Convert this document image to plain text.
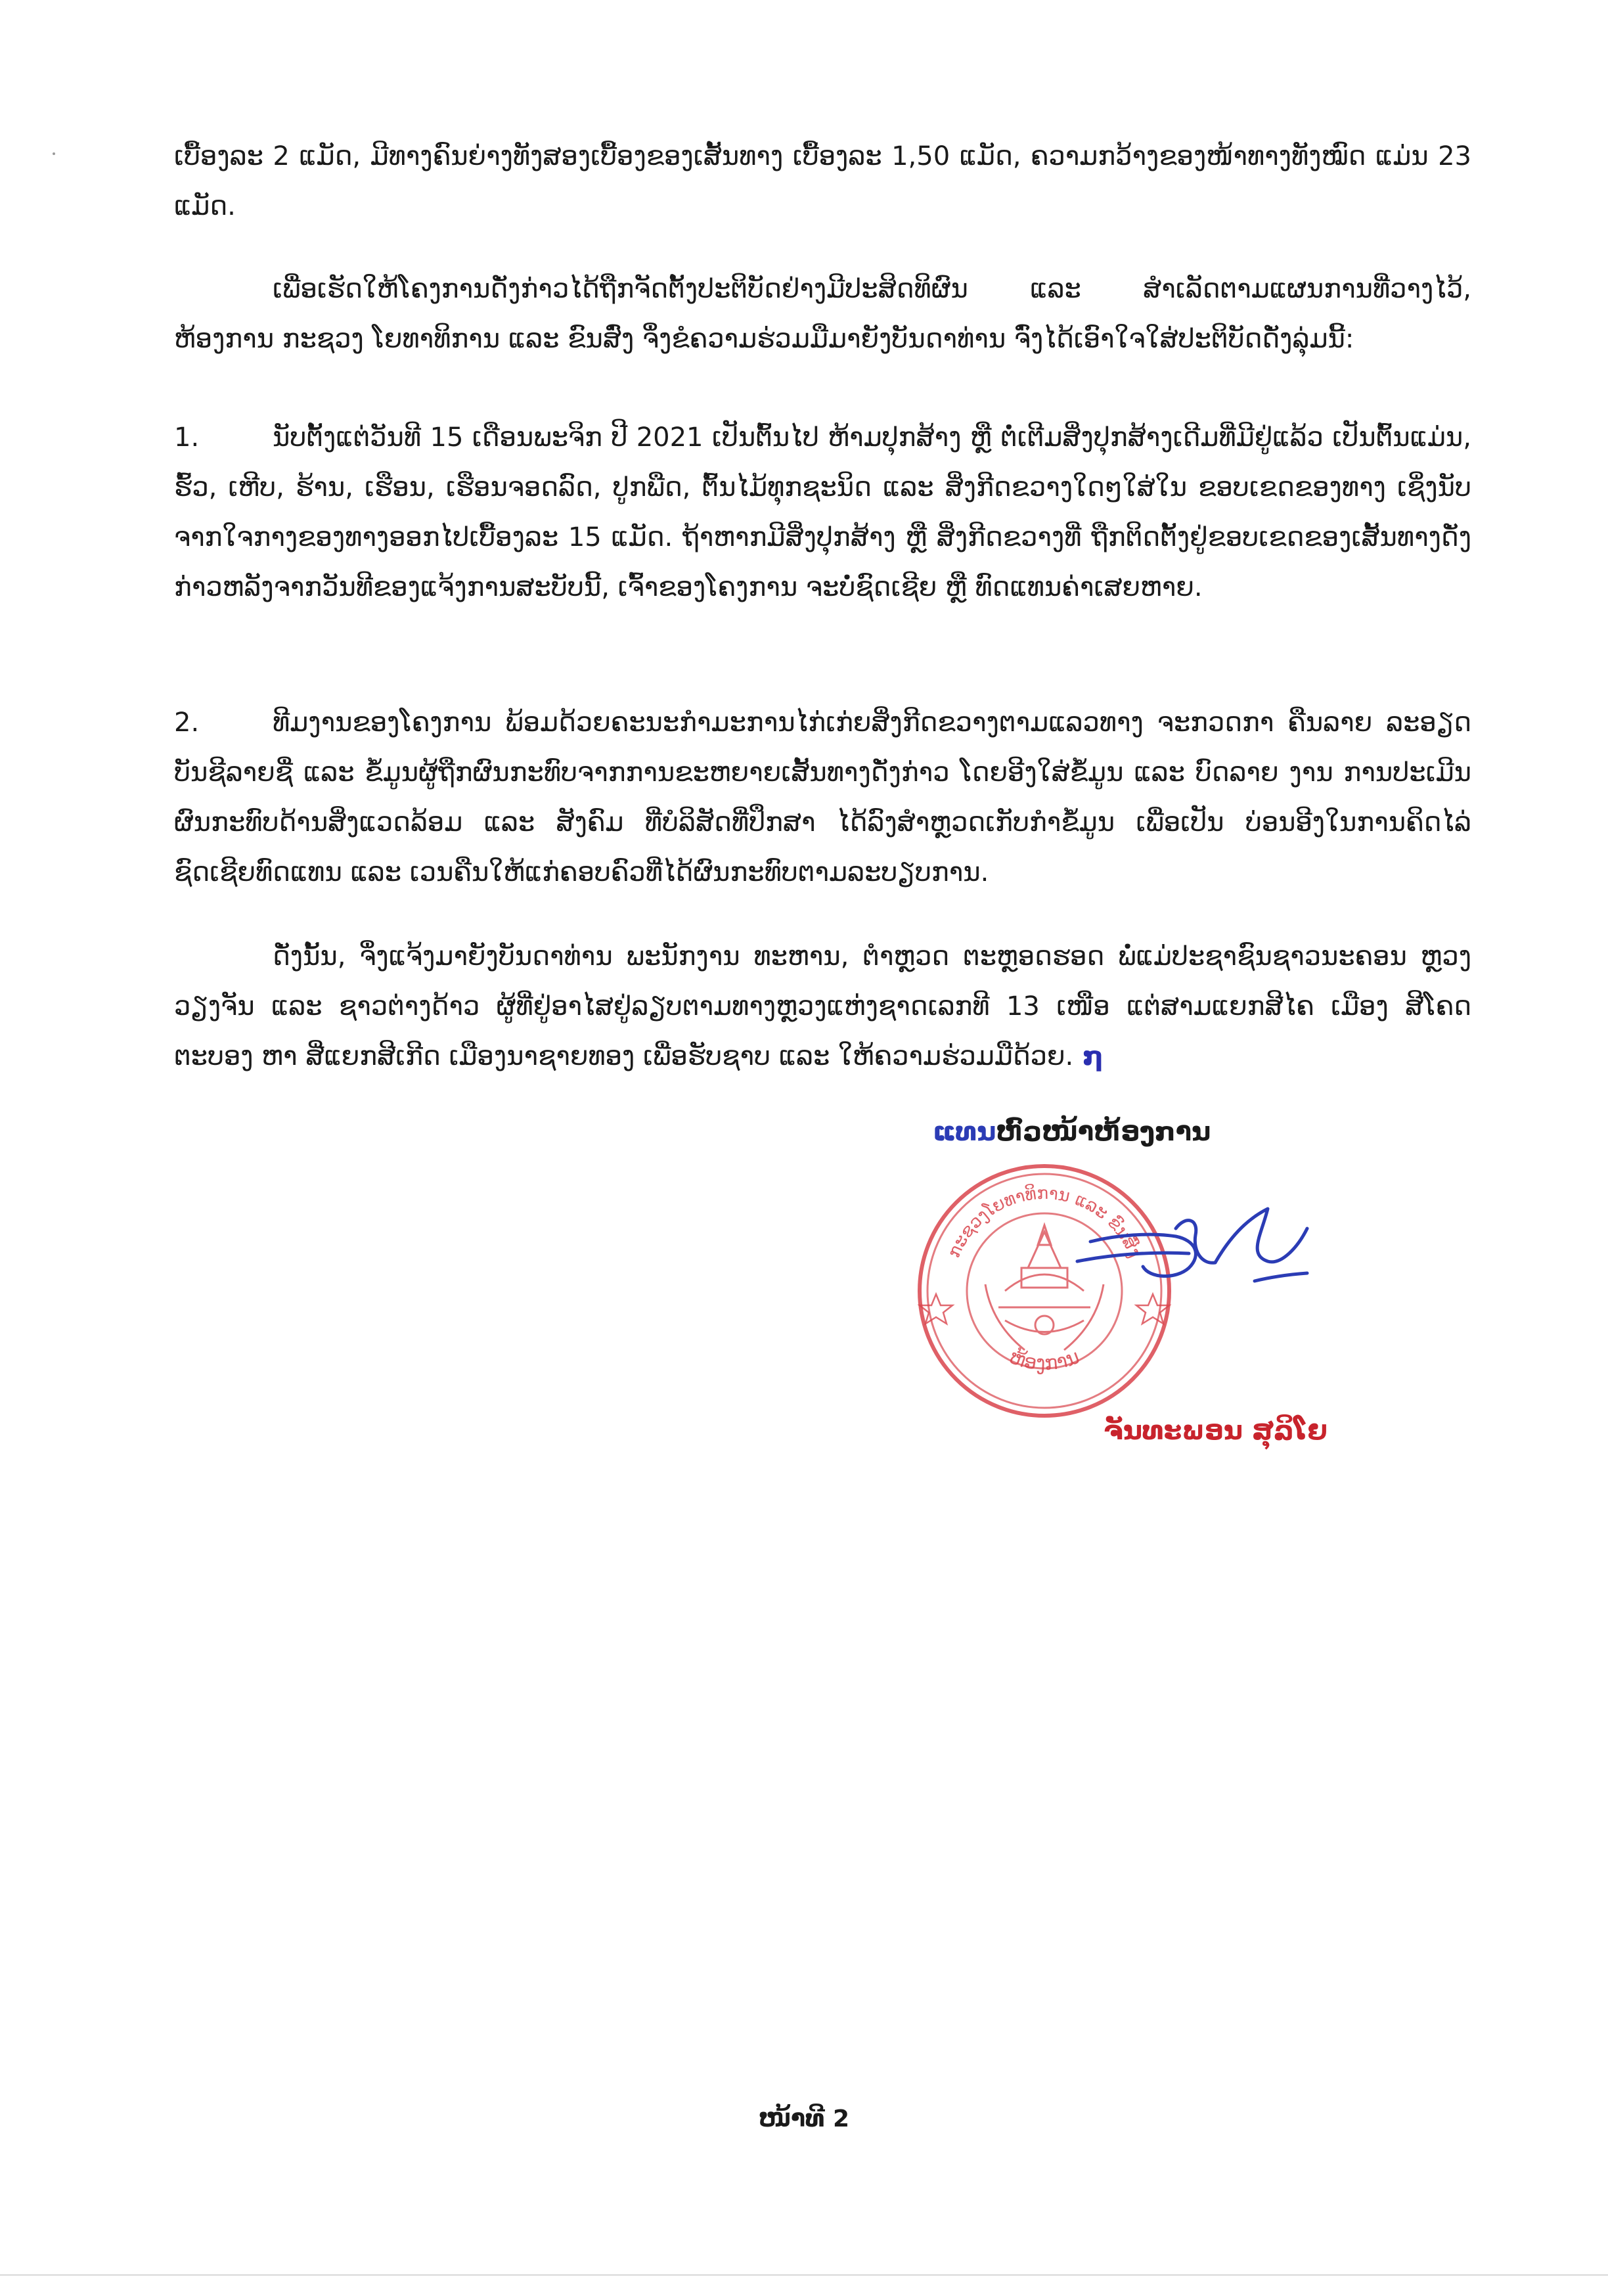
ເບື້ອງລະ 2 ແມັດ, ມີທາງຄົນຍ່າງທັງສອງເບື້ອງຂອງເສັ້ນທາງ ເບື້ອງລະ 1,50 ແມັດ, ຄວາມກວ້າງຂອງໜ້າທາງທັງໝົດ ແມ່ນ 23 ແມັດ.

ເພື່ອເຮັດໃຫ້ໂຄງການດັ່ງກ່າວໄດ້ຖືກຈັດຕັ້ງປະຕິບັດຢ່າງມີປະສິດທິຜົນ ແລະ ສໍາເລັດຕາມແຜນການທີ່ວາງໄວ້, ຫ້ອງການ ກະຊວງ ໂຍທາທິການ ແລະ ຂົນສົ່ງ ຈຶ່ງຂໍຄວາມຮ່ວມມືມາຍັງບັນດາທ່ານ ຈົ່ງໄດ້ເອົາໃຈໃສ່ປະຕິບັດດັ່ງລຸ່ມນີ້:

1.	ນັບຕັ້ງແຕ່ວັນທີ 15 ເດືອນພະຈິກ ປີ 2021 ເປັນຕົ້ນໄປ ຫ້າມປຸກສ້າງ ຫຼື ຕໍ່ເຕີມສິ່ງປຸກສ້າງເດີມທີ່ມີຢູ່ແລ້ວ ເປັນຕົ້ນແມ່ນ, ຮົ້ວ, ເຫີບ, ຮ້ານ, ເຮືອນ, ເຮືອນຈອດລົດ, ປູກພືດ, ຕົ້ນໄມ້ທຸກຊະນິດ ແລະ ສິ່ງກີດຂວາງໃດໆໃສ່ໃນ ຂອບເຂດຂອງທາງ ເຊິ່ງນັບຈາກໃຈກາງຂອງທາງອອກໄປເບື້ອງລະ 15 ແມັດ. ຖ້າຫາກມີສິ່ງປຸກສ້າງ ຫຼື ສິ່ງກີດຂວາງທີ່ ຖືກຕິດຕັ້ງຢູ່ຂອບເຂດຂອງເສັ້ນທາງດັ່ງກ່າວຫລັງຈາກວັນທີຂອງແຈ້ງການສະບັບນີ້, ເຈົ້າຂອງໂຄງການ ຈະບໍ່ຊົດເຊີຍ ຫຼື ທົດແທນຄ່າເສຍຫາຍ.

2.	ທີມງານຂອງໂຄງການ ພ້ອມດ້ວຍຄະນະກໍາມະການໄກ່ເກ່ຍສິ່ງກີດຂວາງຕາມແລວທາງ ຈະກວດກາ ຄືນລາຍ ລະອຽດບັນຊີລາຍຊື່ ແລະ ຂໍ້ມູນຜູ້ຖືກຜົນກະທົບຈາກການຂະຫຍາຍເສັ້ນທາງດັ່ງກ່າວ ໂດຍອີງໃສ່ຂໍ້ມູນ ແລະ ບົດລາຍ ງານ ການປະເມີນຜົນກະທົບດ້ານສິ່ງແວດລ້ອມ ແລະ ສັງຄົມ ທີ່ບໍລິສັດທີ່ປຶກສາ ໄດ້ລົງສໍາຫຼວດເກັບກໍາຂໍ້ມູນ ເພື່ອເປັນ ບ່ອນອີງໃນການຄິດໄລ່ຊົດເຊີຍທົດແທນ ແລະ ເວນຄືນໃຫ້ແກ່ຄອບຄົວທີ່ໄດ້ຜົນກະທົບຕາມລະບຽບການ.

ດັ່ງນັ້ນ, ຈຶ່ງແຈ້ງມາຍັງບັນດາທ່ານ ພະນັກງານ ທະຫານ, ຕໍາຫຼວດ ຕະຫຼອດຮອດ ພໍ່ແມ່ປະຊາຊົນຊາວນະຄອນ ຫຼວງວຽງຈັນ ແລະ ຊາວຕ່າງດ້າວ ຜູ້ທີ່ຢູ່ອາໄສຢູ່ລຽບຕາມທາງຫຼວງແຫ່ງຊາດເລກທີ 13 ເໜືອ ແຕ່ສາມແຍກສີໄຄ ເມືອງ ສີໂຄດຕະບອງ ຫາ ສີ່ແຍກສີເກີດ ເມືອງນາຊາຍທອງ ເພື່ອຮັບຊາບ ແລະ ໃຫ້ຄວາມຮ່ວມມືດ້ວຍ. ໗

ແທນຫົວໜ້າຫ້ອງການ
ກະຊວງໂຍທາທິການ ແລະ ຂົນສົ່ງ
ຫ້ອງການ
ຈັນທະພອນ ສຸລິໂຍ
ໜ້າທີ 2
